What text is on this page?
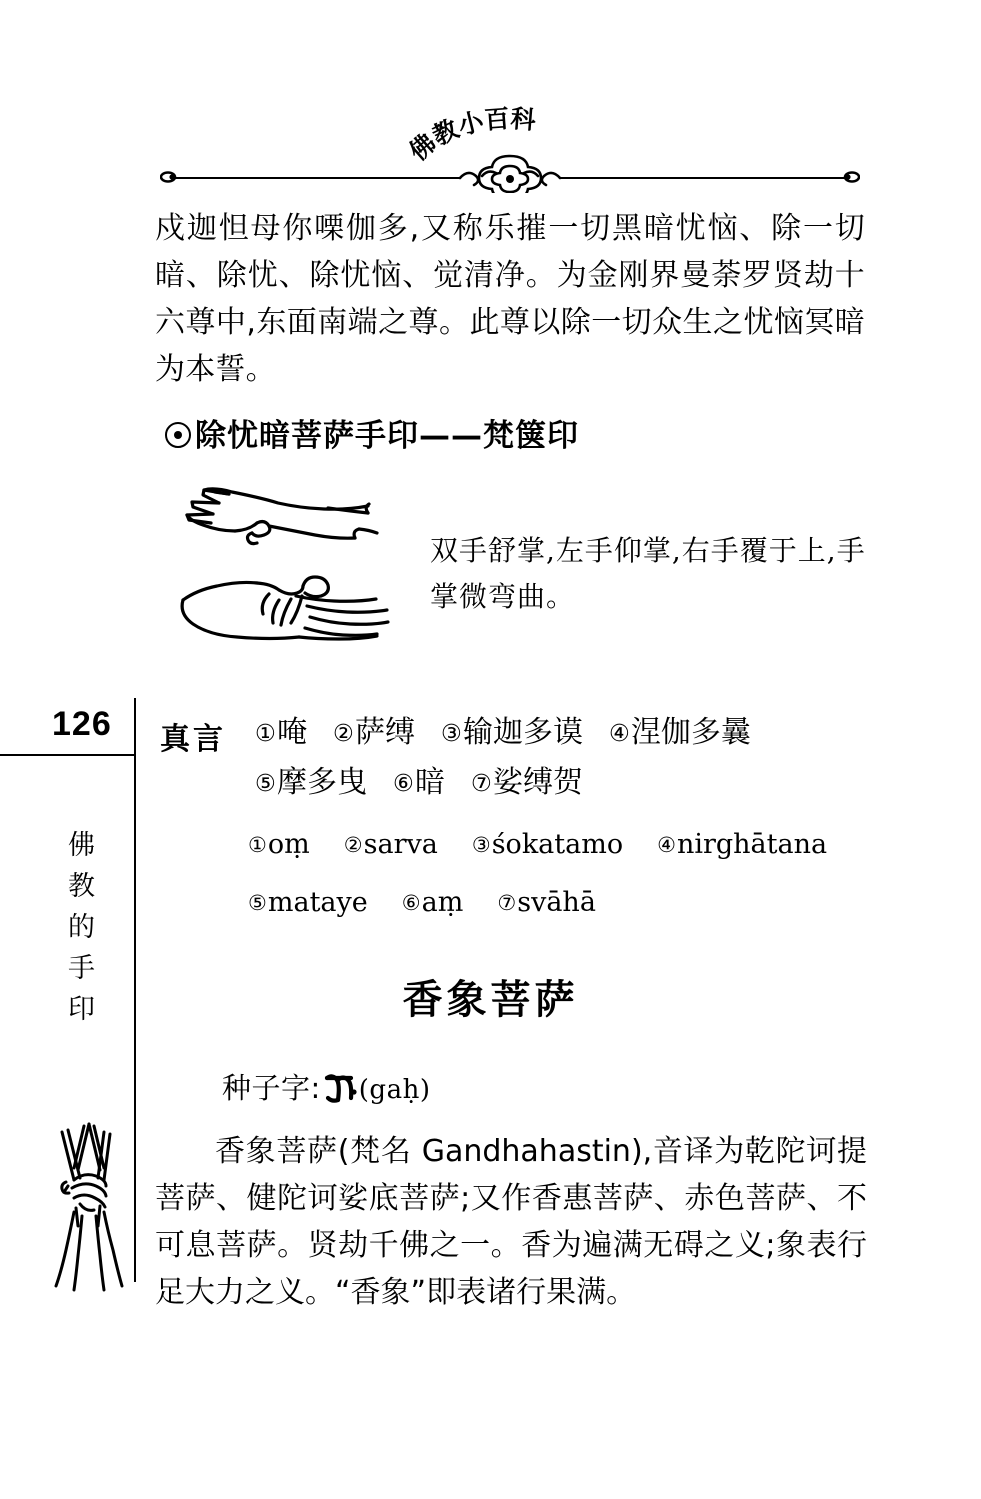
佛教小百科

戍迦怛母你㗚伽多,又称乐摧一切黑暗忧恼、除一切暗、除忧、除忧恼、觉清净。为金刚界曼荼罗贤劫十六尊中,东面南端之尊。此尊以除一切众生之忧恼冥暗为本誓。

除忧暗菩萨手印——梵箧印
双手舒掌,左手仰掌,右手覆于上,手掌微弯曲。
126
佛教的手印
真言 ①唵 ②萨缚 ③输迦多谟 ④涅伽多曩
⑤摩多曳 ⑥暗 ⑦娑缚贺
①oṃ ②sarva ③śokatamo ④nirghātana
⑤mataye ⑥aṃ ⑦svāhā
香象菩萨
种子字: (gaḥ)

香象菩萨(梵名 Gandhahastin),音译为乾陀诃提菩萨、健陀诃娑底菩萨;又作香惠菩萨、赤色菩萨、不可息菩萨。贤劫千佛之一。香为遍满无碍之义;象表行足大力之义。“香象”即表诸行果满。
